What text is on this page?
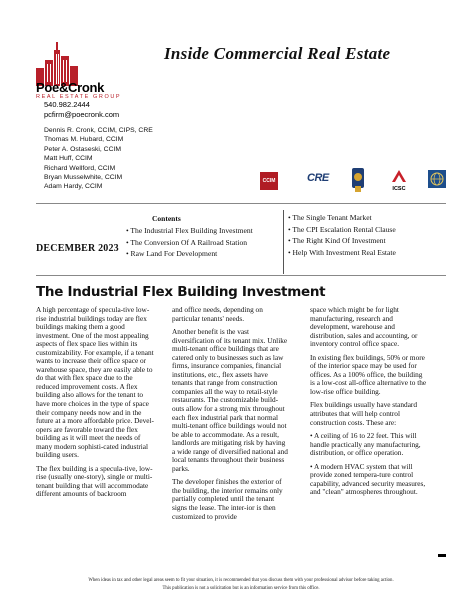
Poe&Cronk
REAL ESTATE GROUP
Inside Commercial Real Estate
540.982.2444
pcfirm@poecronk.com
Dennis R. Cronk, CCIM, CIPS, CRE
Thomas M. Hubard, CCIM
Peter A. Ostaseski, CCIM
Matt Huff, CCIM
Richard Wellford, CCIM
Bryan Musselwhite, CCIM
Adam Hardy, CCIM
CCIM	CRE
ICSC
Contents
DECEMBER 2023
• The Industrial Flex Building Investment
• The Conversion Of A Railroad Station
• Raw Land For Development
• The Single Tenant Market
• The CPI Escalation Rental Clause
• The Right Kind Of Investment
• Help With Investment Real Estate
The Industrial Flex Building Investment

A high percentage of specula-tive low-rise industrial buildings today are flex buildings making them a good investment. One of the most appealing aspects of flex space lies within its customizability. For example, if a tenant wants to increase their office space or warehouse space, they are easily able to do that with flex space due to the reduced improvement costs. A flex building also allows for the tenant to have more choices in the type of space their company needs now and in the future at a more affordable price. Devel-opers are favorable toward the flex building as it will meet the needs of many modern sophisti-cated industrial building users.

The flex building is a specula-tive, low-rise (usually one-story), single or multi-tenant building that will accommodate different amounts of backroom

and office needs, depending on particular tenants' needs.

Another benefit is the vast diversification of its tenant mix. Unlike multi-tenant office buildings that are catered only to businesses such as law firms, insurance companies, financial institutions, etc., flex assets have tenants that range from construction companies all the way to retail-style restaurants. The customizable build-outs allow for a strong mix throughout each flex industrial park that normal multi-tenant office buildings would not be able to accommodate. As a result, landlords are mitigating risk by having a wide range of diversified national and local tenants throughout their business parks.

The developer finishes the exterior of the building, the interior remains only partially completed until the tenant signs the lease. The inter-ior is then customized to provide

space which might be for light manufacturing, research and development, warehouse and distribution, sales and accounting, or inventory control office space.

In existing flex buildings, 50% or more of the interior space may be used for offices. As a 100% office, the building is a low-cost all-office alternative to the low-rise office building.

Flex buildings usually have standard attributes that will help control construction costs. These are:

• A ceiling of 16 to 22 feet. This will handle practically any manufacturing, distribution, or office operation.

• A modern HVAC system that will provide zoned tempera-ture control capability, advanced security measures, and "clean" atmospheres throughout.

When ideas in tax and other legal areas seem to fit your situation, it is recommended that you discuss them with your professional advisor before taking action.
This publication is not a solicitation but is an information service from this office.
